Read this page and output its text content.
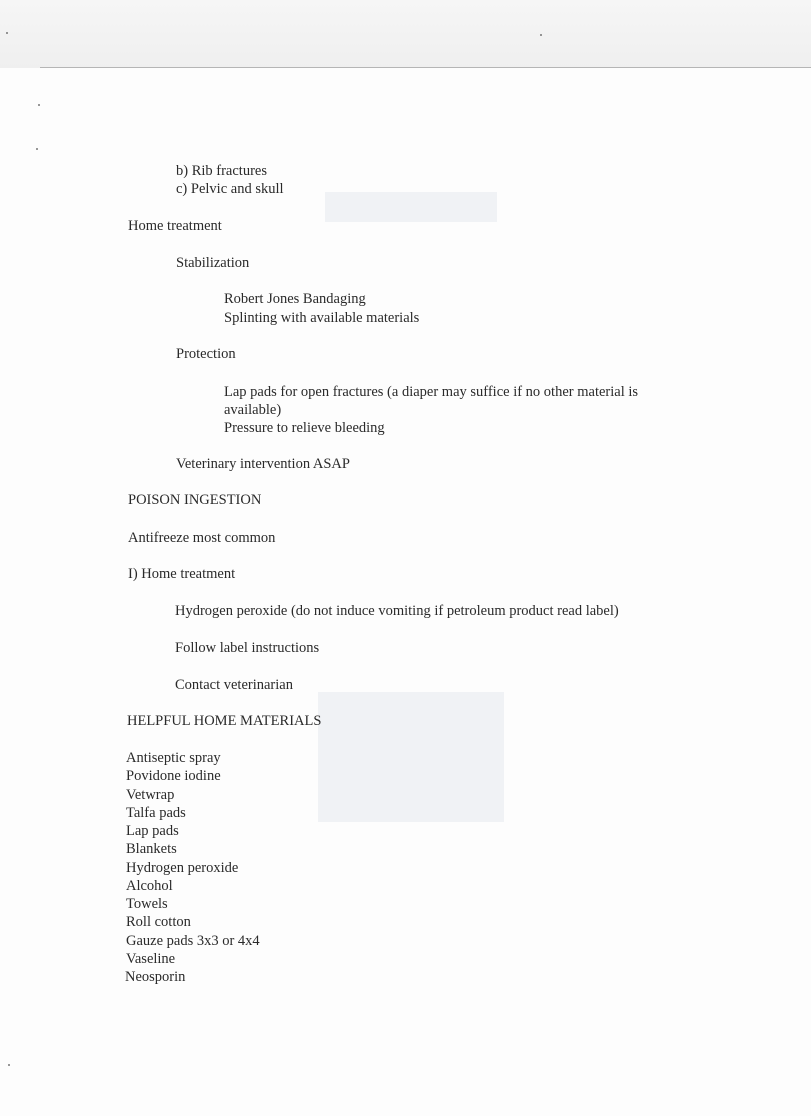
b) Rib fractures

c) Pelvic and skull

Home treatment

Stabilization

Robert Jones Bandaging

Splinting with available materials

Protection

Lap pads for open fractures (a diaper may suffice if no other material is available)

Pressure to relieve bleeding

Veterinary intervention ASAP

POISON INGESTION

Antifreeze most common

I) Home treatment

Hydrogen peroxide (do not induce vomiting if petroleum product read label)

Follow label instructions

Contact veterinarian

HELPFUL HOME MATERIALS

Antiseptic spray

Povidone iodine

Vetwrap

Talfa pads

Lap pads

Blankets

Hydrogen peroxide

Alcohol

Towels

Roll cotton

Gauze pads 3x3 or 4x4

Vaseline

Neosporin
